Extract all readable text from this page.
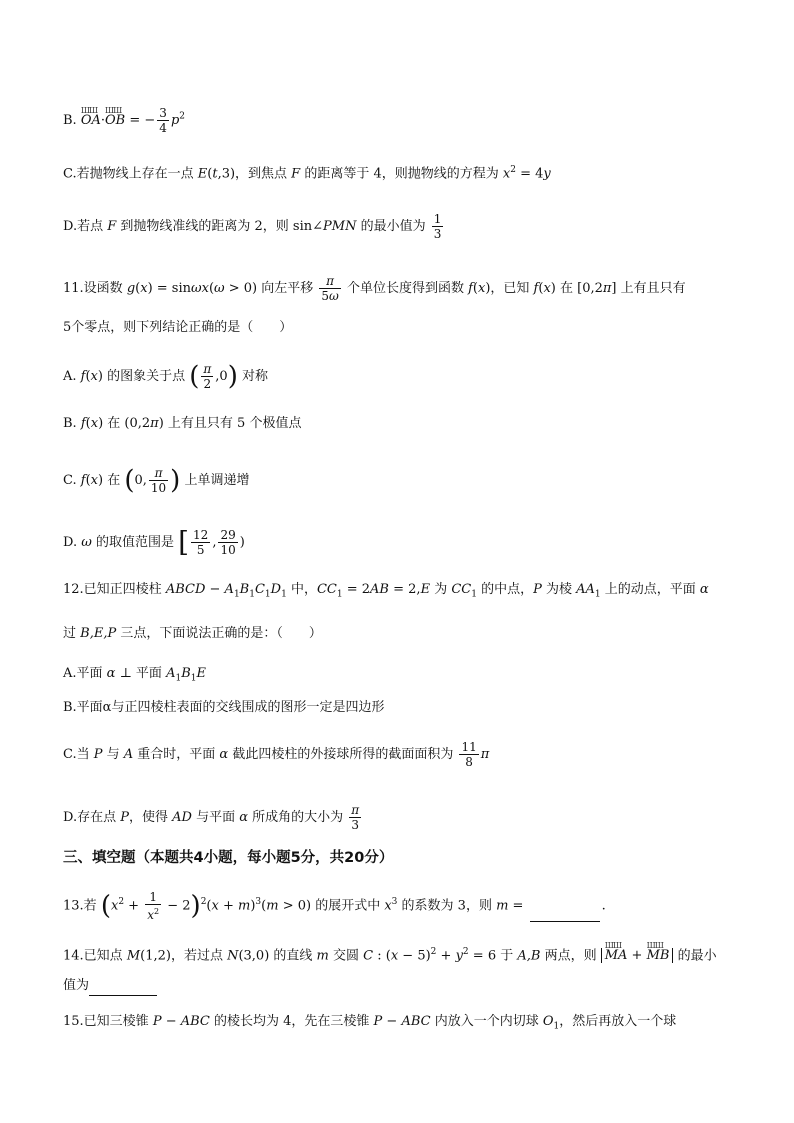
B. OA
ШШ
·OB
ШШ
= − $\frac{3}{4} p^2$
C.若抛物线上存在一点 E(t,3)，到焦点 F 的距离等于 4，则抛物线的方程为 $x^2 = 4y$
D.若点 F 到抛物线准线的距离为 2，则 sin∠PMN 的最小值为 $\frac{1}{3}$
11.设函数 g(x) = sinωx(ω > 0) 向左平移 $\frac{\pi}{5\omega}$ 个单位长度得到函数 f(x)，已知 f(x) 在 [0,2π] 上有且只有
5个零点，则下列结论正确的是（　　）
A. f(x) 的图象关于点 ( $\frac{\pi}{2} ,0$) 对称
B. f(x) 在 (0,2π) 上有且只有 5 个极值点
C. f(x) 在 (0, $\frac{\pi}{10}$ ) 上单调递增
D. ω 的取值范围是 [ $\frac{12}{5}$ , $\frac{29}{10}$ )
12.已知正四棱柱 ABCD − $A_1B_1C_1D_1$ 中，$CC_1 = 2AB = 2,E$ 为 $CC_1$ 的中点，P 为棱 $AA_1$ 上的动点，平面 α
过 B,E,P 三点，下面说法正确的是：（　　）
A.平面 α ⊥ 平面 $A_1B_1E$
B.平面α与正四棱柱表面的交线围成的图形一定是四边形
C.当 P 与 A 重合时，平面 α 截此四棱柱的外接球所得的截面面积为 $\frac{11}{8}$ π
D.存在点 P，使得 AD 与平面 α 所成角的大小为 $\frac{\pi}{3}$
三、填空题（本题共4小题，每小题5分，共20分）
13.若 $(x^2 + \frac{1}{x^2} - 2)^2(x + m)^3(m > 0)$ 的展开式中 $x^3$ 的系数为 3，则 m =	.
14.已知点 M(1,2)，若过点 N(3,0) 的直线 m 交圆 C : $(x - 5)^2 + y^2 = 6$ 于 A,B 两点，则 MA
ШШ
+ MB
ШШ
的最小
值为
15.已知三棱锥 P − ABC 的棱长均为 4，先在三棱锥 P − ABC 内放入一个内切球 $O_1$，然后再放入一个球
